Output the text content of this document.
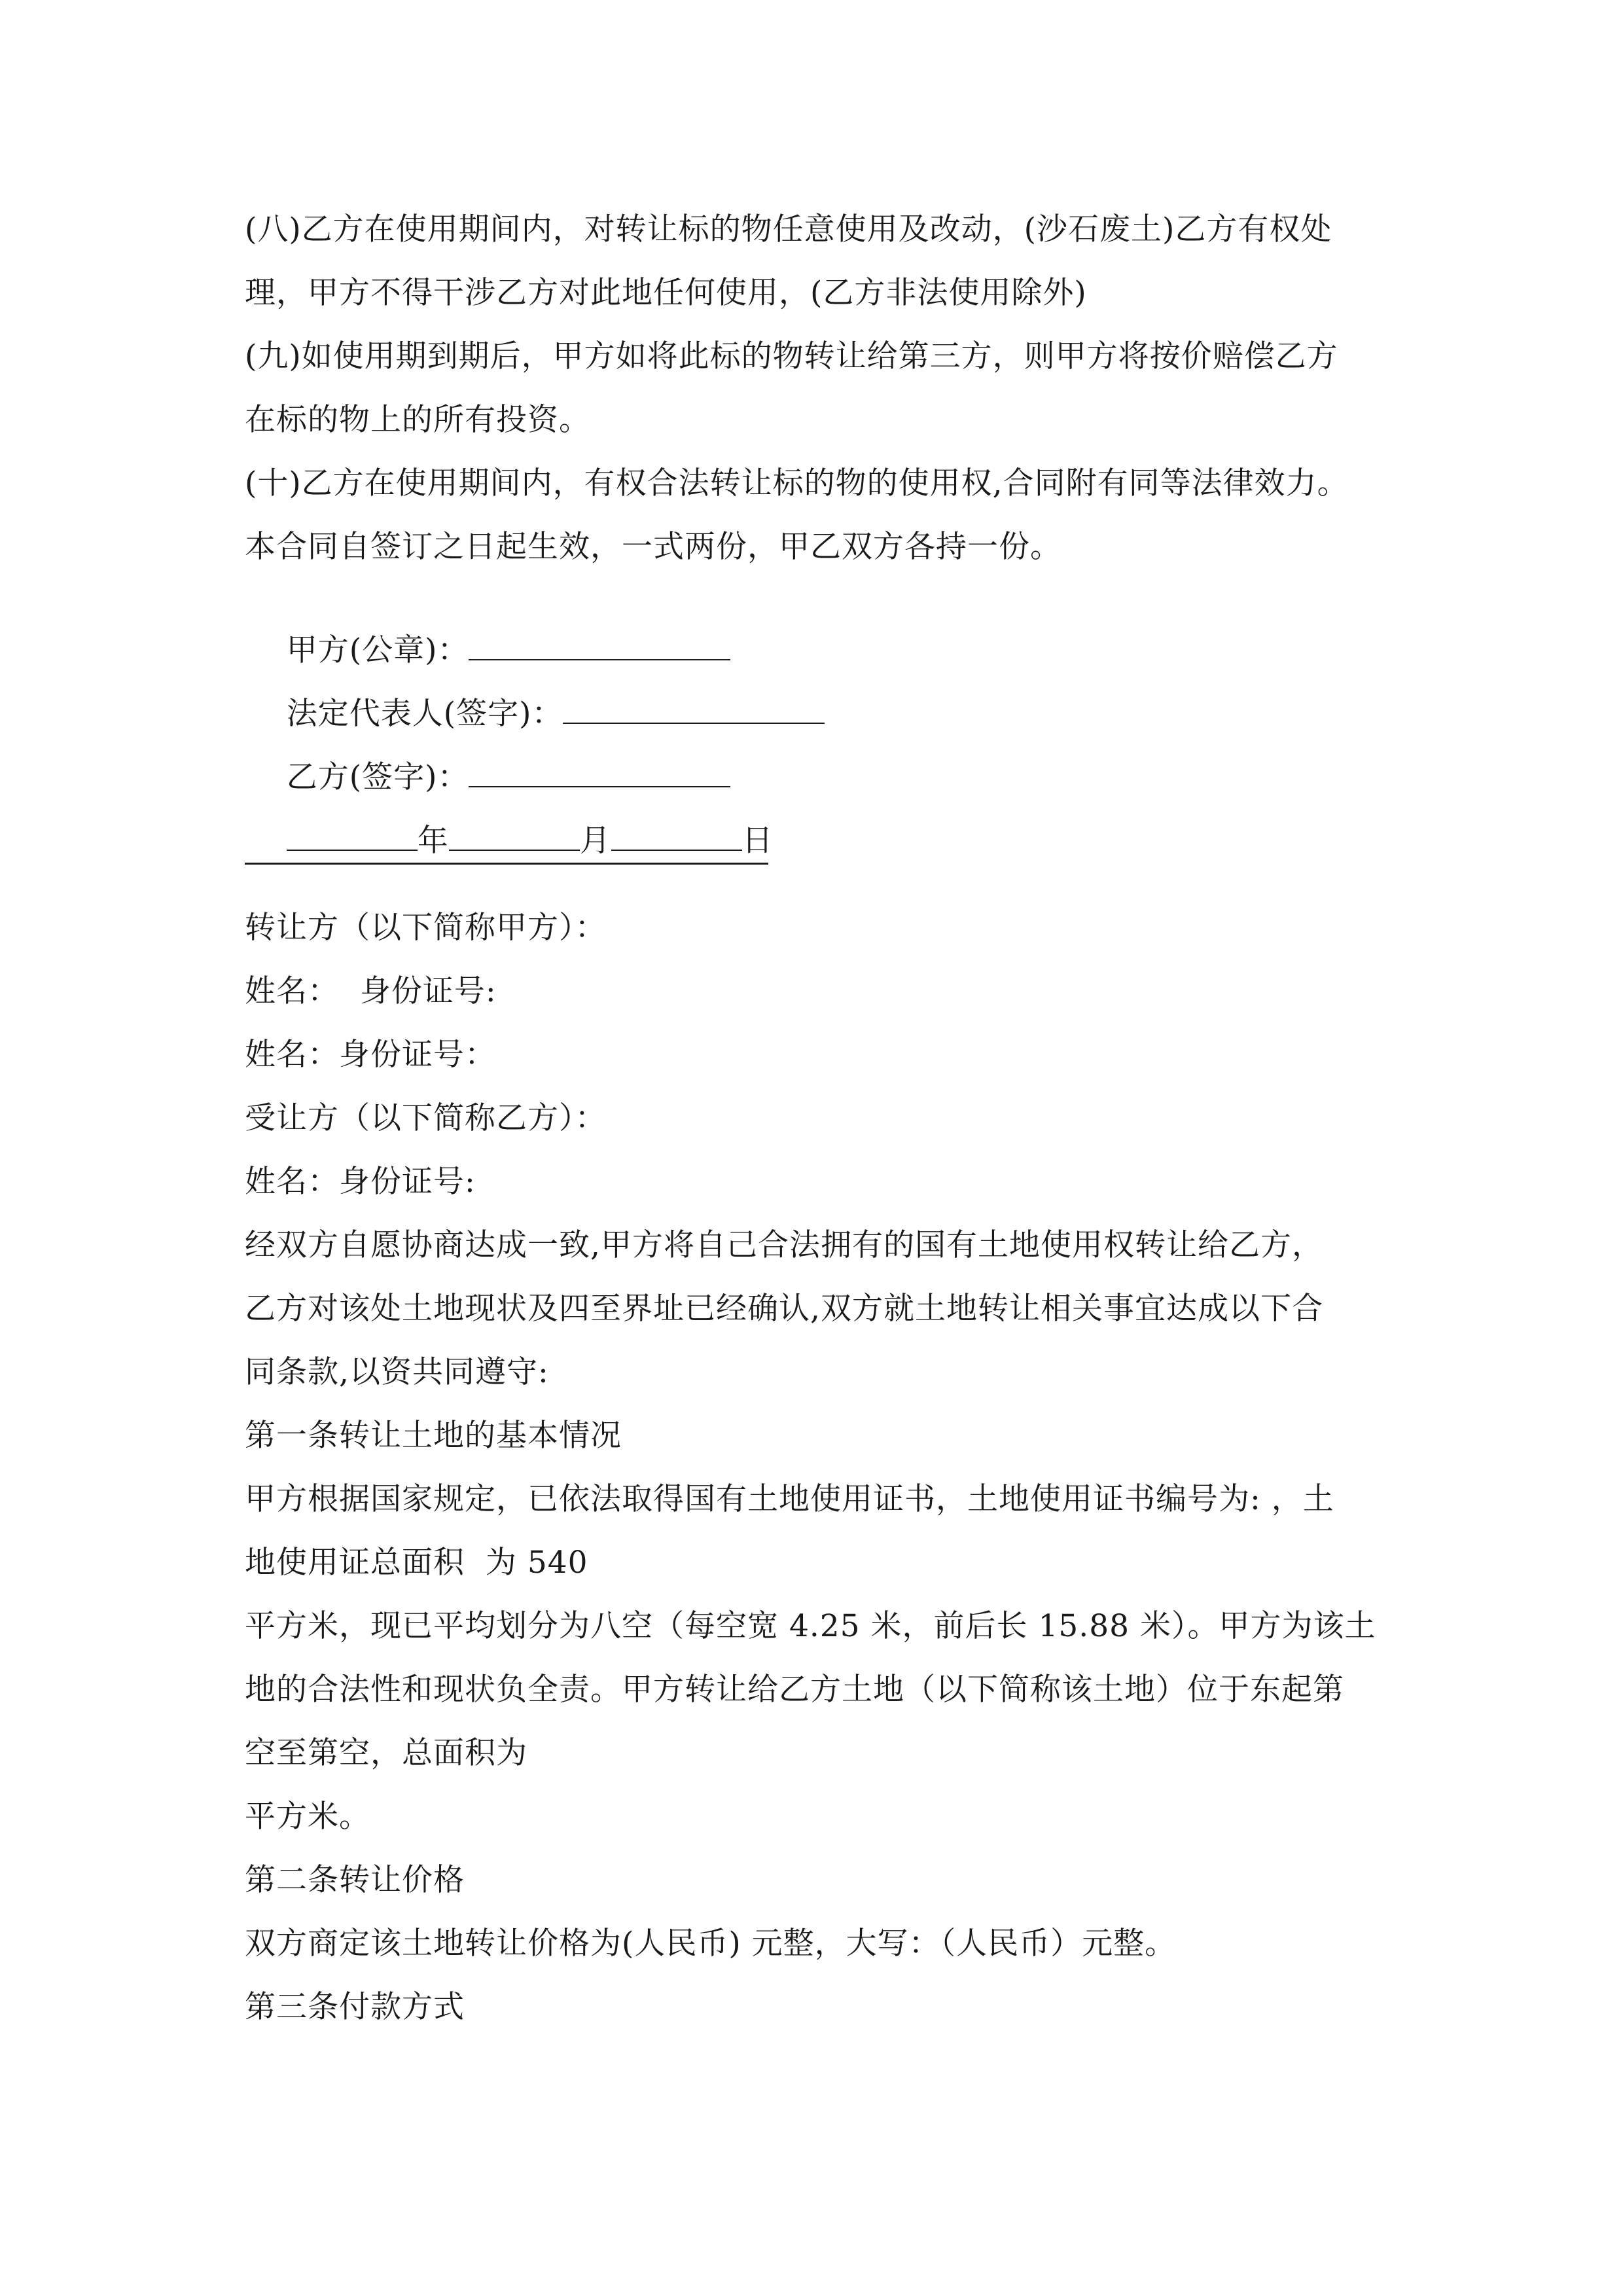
(八)乙方在使用期间内，对转让标的物任意使用及改动，(沙石废土)乙方有权处
理，甲方不得干涉乙方对此地任何使用，(乙方非法使用除外)
(九)如使用期到期后，甲方如将此标的物转让给第三方，则甲方将按价赔偿乙方
在标的物上的所有投资。
(十)乙方在使用期间内，有权合法转让标的物的使用权,合同附有同等法律效力。
本合同自签订之日起生效，一式两份，甲乙双方各持一份。

甲方(公章)：

法定代表人(签字)：

乙方(签字)：

年	月	日

转让方（以下简称甲方）：
姓名：  身份证号:
姓名：身份证号：
受让方（以下简称乙方）：
姓名：身份证号:
经双方自愿协商达成一致,甲方将自己合法拥有的国有土地使用权转让给乙方，
乙方对该处土地现状及四至界址已经确认,双方就土地转让相关事宜达成以下合
同条款,以资共同遵守:
第一条转让土地的基本情况
甲方根据国家规定，已依法取得国有土地使用证书，土地使用证书编号为: ，土
地使用证总面积  为 540
平方米，现已平均划分为八空（每空宽 4.25 米，前后长 15.88 米）。甲方为该土
地的合法性和现状负全责。甲方转让给乙方土地（以下简称该土地）位于东起第
空至第空，总面积为
平方米。
第二条转让价格
双方商定该土地转让价格为(人民币) 元整，大写：（人民币）元整。
第三条付款方式
